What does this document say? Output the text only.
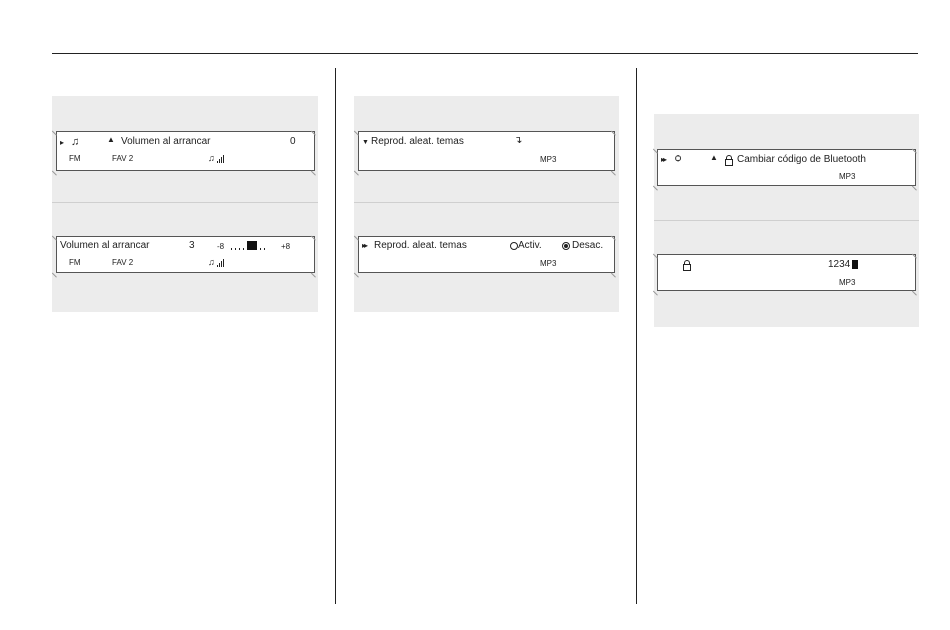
▸ ♫	▲ Volumen al arrancar	0
FM	FAV 2	♫
Volumen al arrancar	3	-8	+8
FM	FAV 2	♫
▼ Reprod. aleat. temas	↴
MP3
▸▸ Reprod. aleat. temas	Activ.	Desac.
MP3
▸▸ ѻ	▲ Cambiar código de Bluetooth
MP3
1234
MP3
